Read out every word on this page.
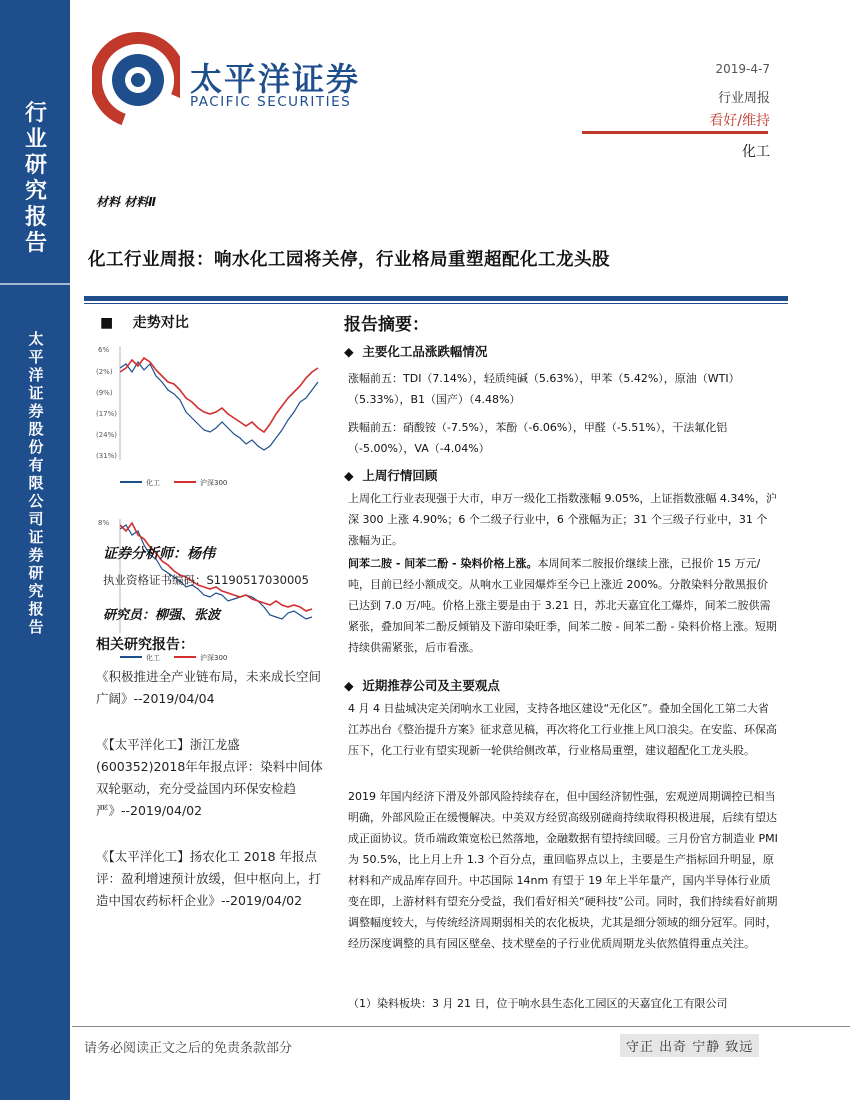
行业研究报告
太平洋证券股份有限公司证券研究报告
太平洋证券
PACIFIC SECURITIES
2019-4-7
行业周报
看好/维持
化工
材料 材料Ⅱ
化工行业周报：响水化工园将关停，行业格局重塑超配化工龙头股
■    走势对比
6%
(2%)
(9%)
(17%)
(24%)
(31%)
化工	沪深300
8%
化工	沪深300
证券分析师：杨伟
执业资格证书编码：S1190517030005
研究员：柳强、张波
相关研究报告：
《积极推进全产业链布局，未来成长空间广阔》--2019/04/04
《【太平洋化工】浙江龙盛(600352)2018年年报点评：染料中间体双轮驱动，充分受益国内环保安检趋严》--2019/04/02
《【太平洋化工】扬农化工 2018 年报点评：盈利增速预计放缓，但中枢向上，打造中国农药标杆企业》--2019/04/02
报告摘要：
◆  主要化工品涨跌幅情况
涨幅前五：TDI（7.14%），轻质纯碱（5.63%），甲苯（5.42%），原油（WTI）（5.33%），B1（国产）（4.48%）
跌幅前五：硝酸铵（-7.5%），苯酚（-6.06%），甲醛（-5.51%），干法氟化铝（-5.00%），VA（-4.04%）
◆  上周行情回顾
上周化工行业表现强于大市，申万一级化工指数涨幅 9.05%，上证指数涨幅 4.34%，沪深 300 上涨 4.90%；6 个二级子行业中，6 个涨幅为正；31 个三级子行业中，31 个涨幅为正。
间苯二胺 - 间苯二酚 - 染料价格上涨。本周间苯二胺报价继续上涨，已报价 15 万元/吨，目前已经小额成交。从响水工业园爆炸至今已上涨近 200%。分散染料分散黑报价已达到 7.0 万/吨。价格上涨主要是由于 3.21 日，苏北天嘉宜化工爆炸，间苯二胺供需紧张，叠加间苯二酚反倾销及下游印染旺季，间苯二胺 - 间苯二酚 - 染料价格上涨。短期持续供需紧张，后市看涨。
◆  近期推荐公司及主要观点
4 月 4 日盐城决定关闭响水工业园，支持各地区建设“无化区”。叠加全国化工第二大省江苏出台《整治提升方案》征求意见稿，再次将化工行业推上风口浪尖。在安监、环保高压下，化工行业有望实现新一轮供给侧改革，行业格局重塑，建议超配化工龙头股。
2019 年国内经济下滑及外部风险持续存在，但中国经济韧性强，宏观逆周期调控已相当明确，外部风险正在缓慢解决。中美双方经贸高级别磋商持续取得积极进展，后续有望达成正面协议。货币端政策宽松已然落地，金融数据有望持续回暖。三月份官方制造业 PMI 为 50.5%，比上月上升 1.3 个百分点，重回临界点以上，主要是生产指标回升明显，原材料和产成品库存回升。中芯国际 14nm 有望于 19 年上半年量产，国内半导体行业质变在即，上游材料有望充分受益，我们看好相关“硬科技”公司。同时，我们持续看好前期调整幅度较大，与传统经济周期弱相关的农化板块，尤其是细分领域的细分冠军。同时，经历深度调整的具有园区壁垒、技术壁垒的子行业优质周期龙头依然值得重点关注。
（1）染料板块：3 月 21 日，位于响水县生态化工园区的天嘉宜化工有限公司
请务必阅读正文之后的免责条款部分	守正 出奇 宁静 致远
